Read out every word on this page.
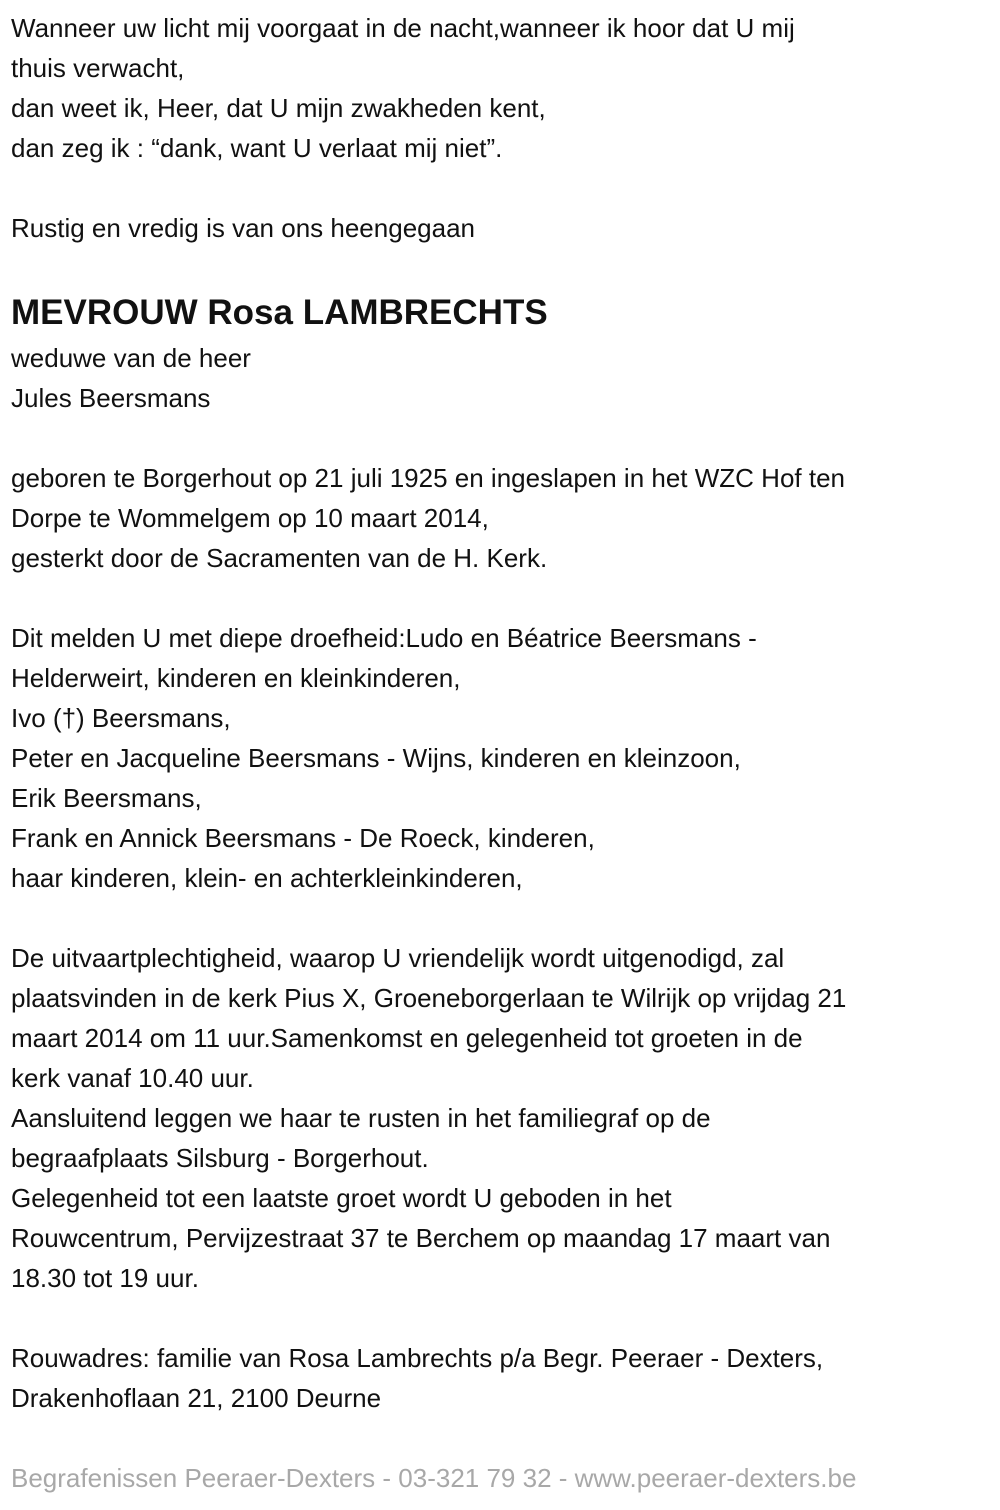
Wanneer uw licht mij voorgaat in de nacht,wanneer ik hoor dat U mij
thuis verwacht,
dan weet ik, Heer, dat U mijn zwakheden kent,
dan zeg ik : “dank, want U verlaat mij niet”.
Rustig en vredig is van ons heengegaan
MEVROUW Rosa LAMBRECHTS
weduwe van de heer
Jules Beersmans
geboren te Borgerhout op 21 juli 1925 en ingeslapen in het WZC Hof ten
Dorpe te Wommelgem op 10 maart 2014,
gesterkt door de Sacramenten van de H. Kerk.
Dit melden U met diepe droefheid:Ludo en Béatrice Beersmans -
Helderweirt, kinderen en kleinkinderen,
Ivo (†) Beersmans,
Peter en Jacqueline Beersmans - Wijns, kinderen en kleinzoon,
Erik Beersmans,
Frank en Annick Beersmans - De Roeck, kinderen,
haar kinderen, klein- en achterkleinkinderen,
De uitvaartplechtigheid, waarop U vriendelijk wordt uitgenodigd, zal
plaatsvinden in de kerk Pius X, Groeneborgerlaan te Wilrijk op vrijdag 21
maart 2014 om 11 uur.Samenkomst en gelegenheid tot groeten in de
kerk vanaf 10.40 uur.
Aansluitend leggen we haar te rusten in het familiegraf op de
begraafplaats Silsburg - Borgerhout.
Gelegenheid tot een laatste groet wordt U geboden in het
Rouwcentrum, Pervijzestraat 37 te Berchem op maandag 17 maart van
18.30 tot 19 uur.
Rouwadres: familie van Rosa Lambrechts p/a Begr. Peeraer - Dexters,
Drakenhoflaan 21, 2100 Deurne
Begrafenissen Peeraer-Dexters - 03-321 79 32 - www.peeraer-dexters.be
